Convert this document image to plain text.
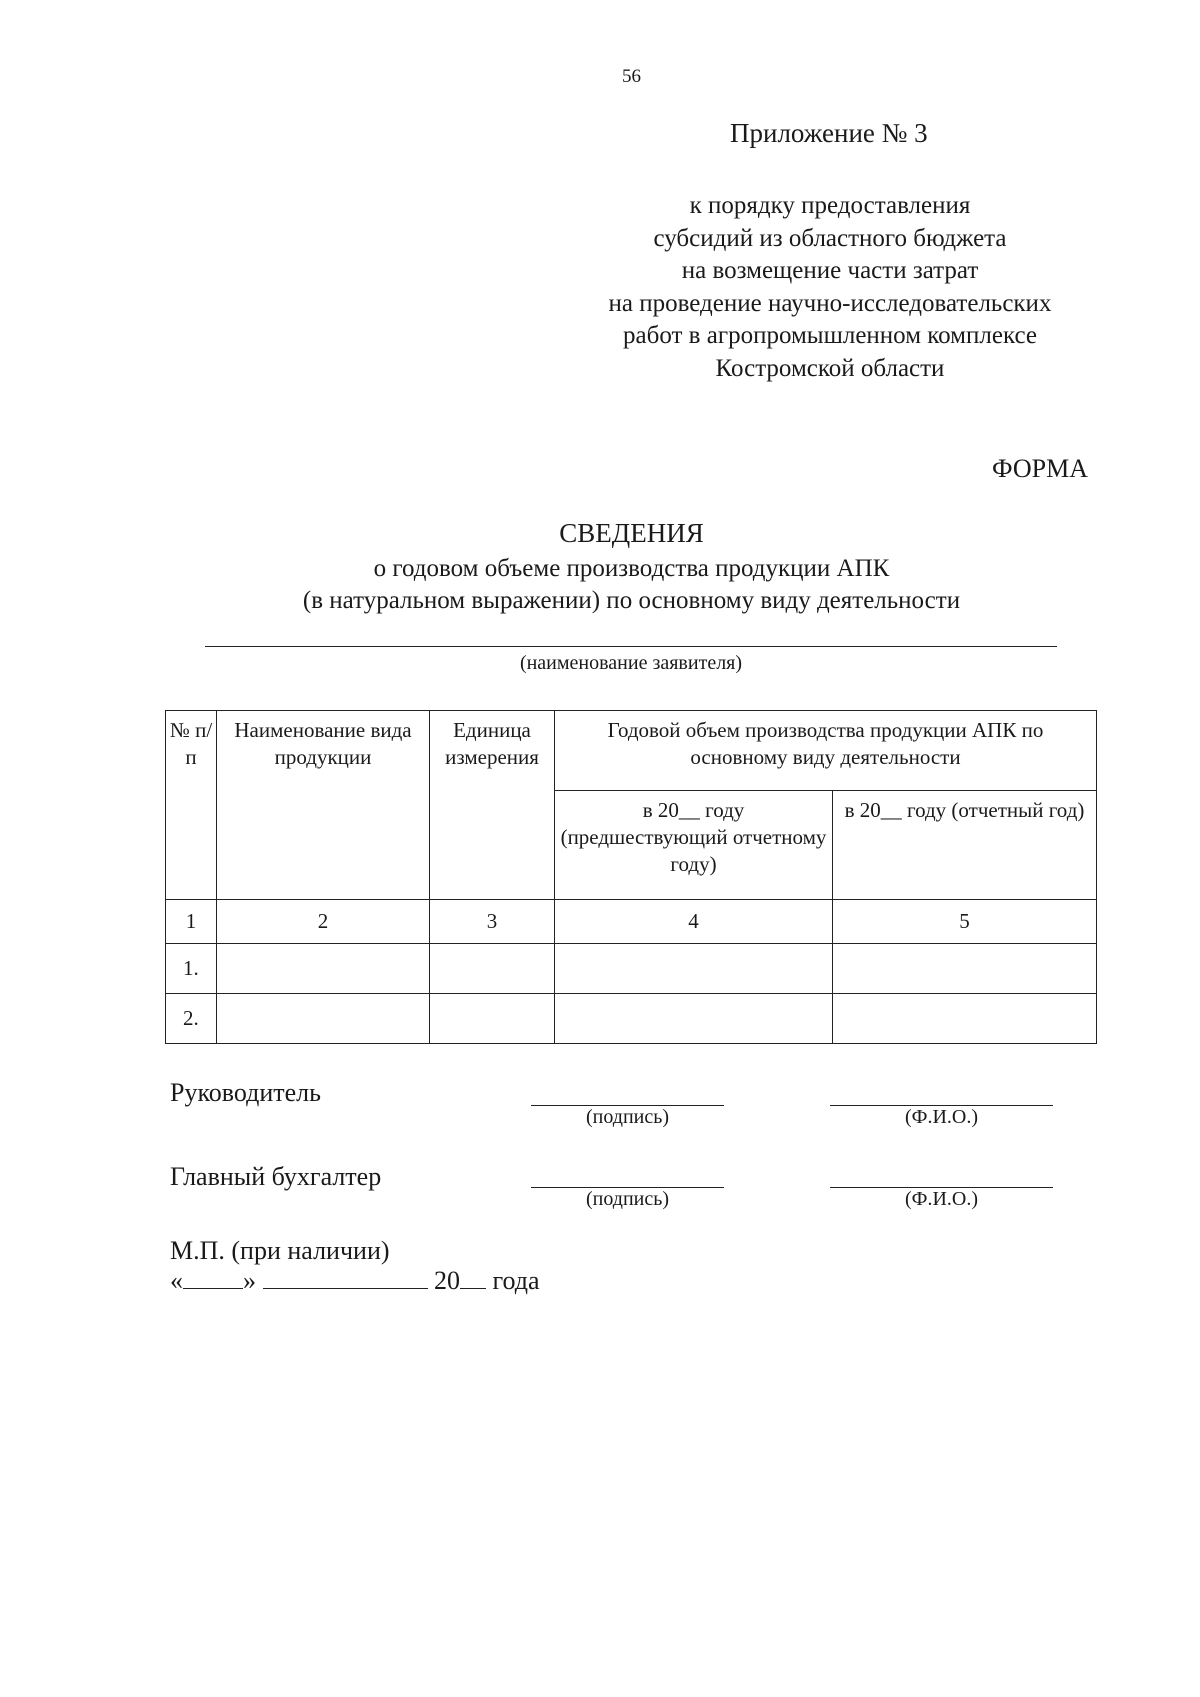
56
Приложение № 3
к порядку предоставления
субсидий из областного бюджета
на возмещение части затрат
на проведение научно-исследовательских
работ в агропромышленном комплексе
Костромской области
ФОРМА
СВЕДЕНИЯ
о годовом объеме производства продукции АПК
(в натуральном выражении) по основному виду деятельности
(наименование заявителя)
№ п/п	Наименование вида продукции	Единица измерения	Годовой объем производства продукции АПК по основному виду деятельности	
			в 20__ году (предшествующий отчетному году)	в 20__ году (отчетный год)
1	2	3	4	5
1.				
2.				
Руководитель
(подпись)	(Ф.И.О.)
Главный бухгалтер
(подпись)	(Ф.И.О.)
М.П. (при наличии)
« »	20 года
